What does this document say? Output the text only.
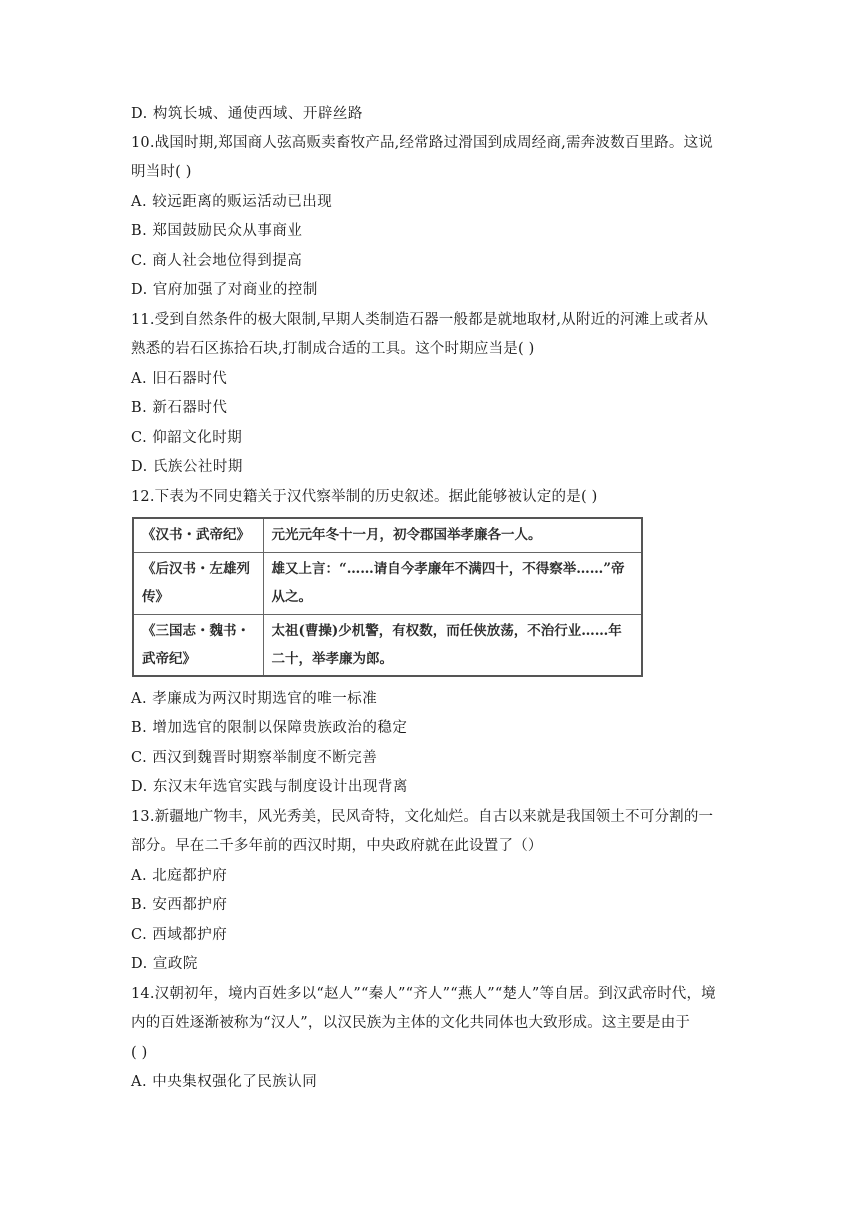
D. 构筑长城、通使西域、开辟丝路
10.战国时期,郑国商人弦高贩卖畜牧产品,经常路过滑国到成周经商,需奔波数百里路。这说
明当时( )
A. 较远距离的贩运活动已出现
B. 郑国鼓励民众从事商业
C. 商人社会地位得到提高
D. 官府加强了对商业的控制
11.受到自然条件的极大限制,早期人类制造石器一般都是就地取材,从附近的河滩上或者从
熟悉的岩石区拣拾石块,打制成合适的工具。这个时期应当是( )
A. 旧石器时代
B. 新石器时代
C. 仰韶文化时期
D. 氏族公社时期
12.下表为不同史籍关于汉代察举制的历史叙述。据此能够被认定的是( )
《汉书・武帝纪》	元光元年冬十一月，初令郡国举孝廉各一人。
《后汉书・左雄列传》	雄又上言：“……请自今孝廉年不满四十，不得察举……”帝从之。
《三国志・魏书・武帝纪》	太祖(曹操)少机警，有权数，而任侠放荡，不治行业……年二十，举孝廉为郎。
A. 孝廉成为两汉时期选官的唯一标准
B. 增加选官的限制以保障贵族政治的稳定
C. 西汉到魏晋时期察举制度不断完善
D. 东汉末年选官实践与制度设计出现背离
13.新疆地广物丰，风光秀美，民风奇特，文化灿烂。自古以来就是我国领土不可分割的一
部分。早在二千多年前的西汉时期，中央政府就在此设置了（）
A. 北庭都护府
B. 安西都护府
C. 西域都护府
D. 宣政院
14.汉朝初年，境内百姓多以“赵人”“秦人”“齐人”“燕人”“楚人”等自居。到汉武帝时代，境
内的百姓逐渐被称为“汉人”，以汉民族为主体的文化共同体也大致形成。这主要是由于
( )
A. 中央集权强化了民族认同
